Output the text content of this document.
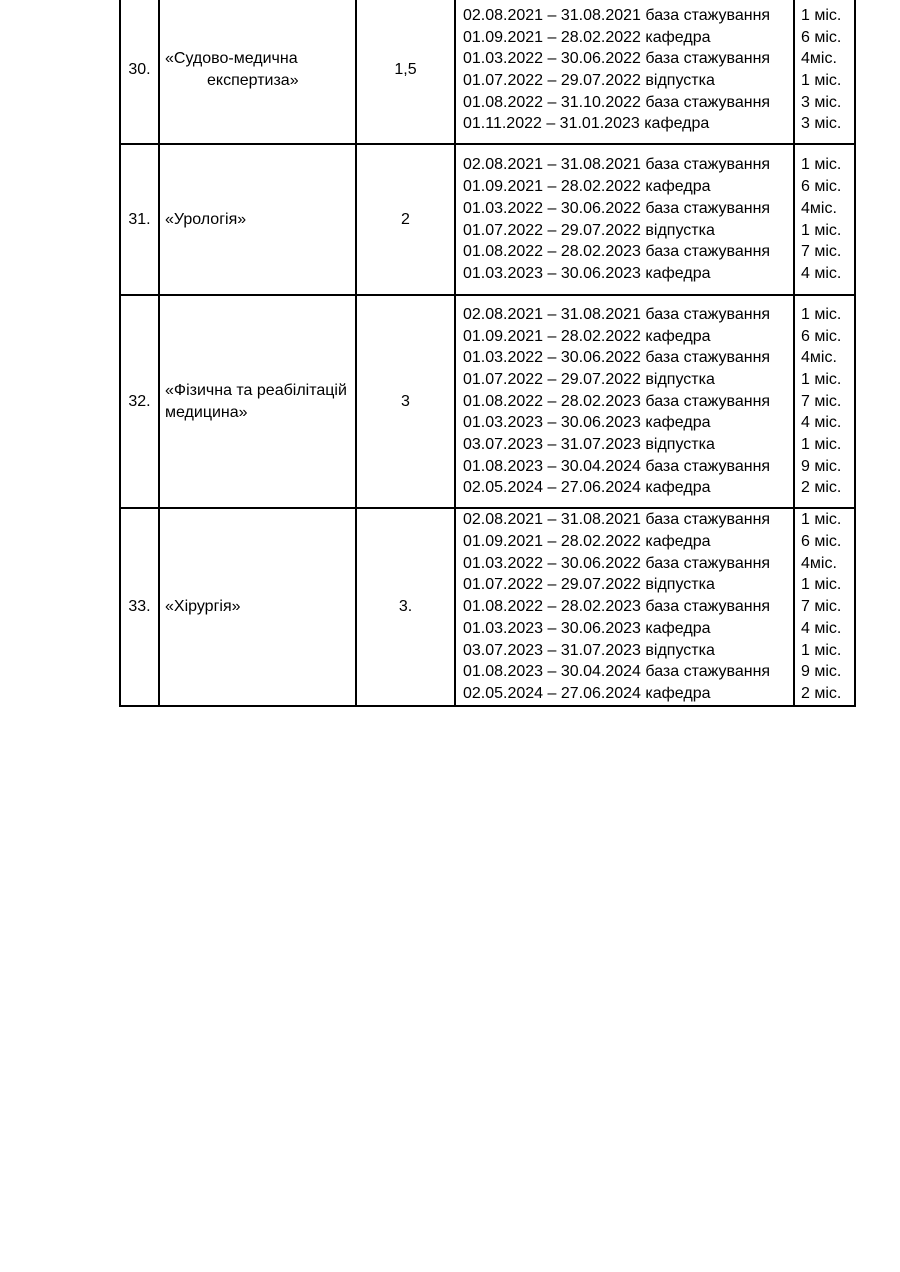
30.
«Судово-медична
експертиза»
1,5
02.08.2021 – 31.08.2021 база стажування
01.09.2021 – 28.02.2022 кафедра
01.03.2022 – 30.06.2022 база стажування
01.07.2022 – 29.07.2022 відпустка
01.08.2022 – 31.10.2022 база стажування
01.11.2022 – 31.01.2023 кафедра
1 міс.
6 міс.
4міс.
1 міс.
3 міс.
3 міс.
31. «Урологія»	2
02.08.2021 – 31.08.2021 база стажування
01.09.2021 – 28.02.2022 кафедра
01.03.2022 – 30.06.2022 база стажування
01.07.2022 – 29.07.2022 відпустка
01.08.2022 – 28.02.2023 база стажування
01.03.2023 – 30.06.2023 кафедра
1 міс.
6 міс.
4міс.
1 міс.
7 міс.
4 міс.
32.
«Фізична та реабілітацій
медицина»
3
02.08.2021 – 31.08.2021 база стажування
01.09.2021 – 28.02.2022 кафедра
01.03.2022 – 30.06.2022 база стажування
01.07.2022 – 29.07.2022 відпустка
01.08.2022 – 28.02.2023 база стажування
01.03.2023 – 30.06.2023 кафедра
03.07.2023 – 31.07.2023 відпустка
01.08.2023 – 30.04.2024 база стажування
02.05.2024 – 27.06.2024 кафедра
1 міс.
6 міс.
4міс.
1 міс.
7 міс.
4 міс.
1 міс.
9 міс.
2 міс.
33. «Хірургія»	3.
02.08.2021 – 31.08.2021 база стажування
01.09.2021 – 28.02.2022 кафедра
01.03.2022 – 30.06.2022 база стажування
01.07.2022 – 29.07.2022 відпустка
01.08.2022 – 28.02.2023 база стажування
01.03.2023 – 30.06.2023 кафедра
03.07.2023 – 31.07.2023 відпустка
01.08.2023 – 30.04.2024 база стажування
02.05.2024 – 27.06.2024 кафедра
1 міс.
6 міс.
4міс.
1 міс.
7 міс.
4 міс.
1 міс.
9 міс.
2 міс.
